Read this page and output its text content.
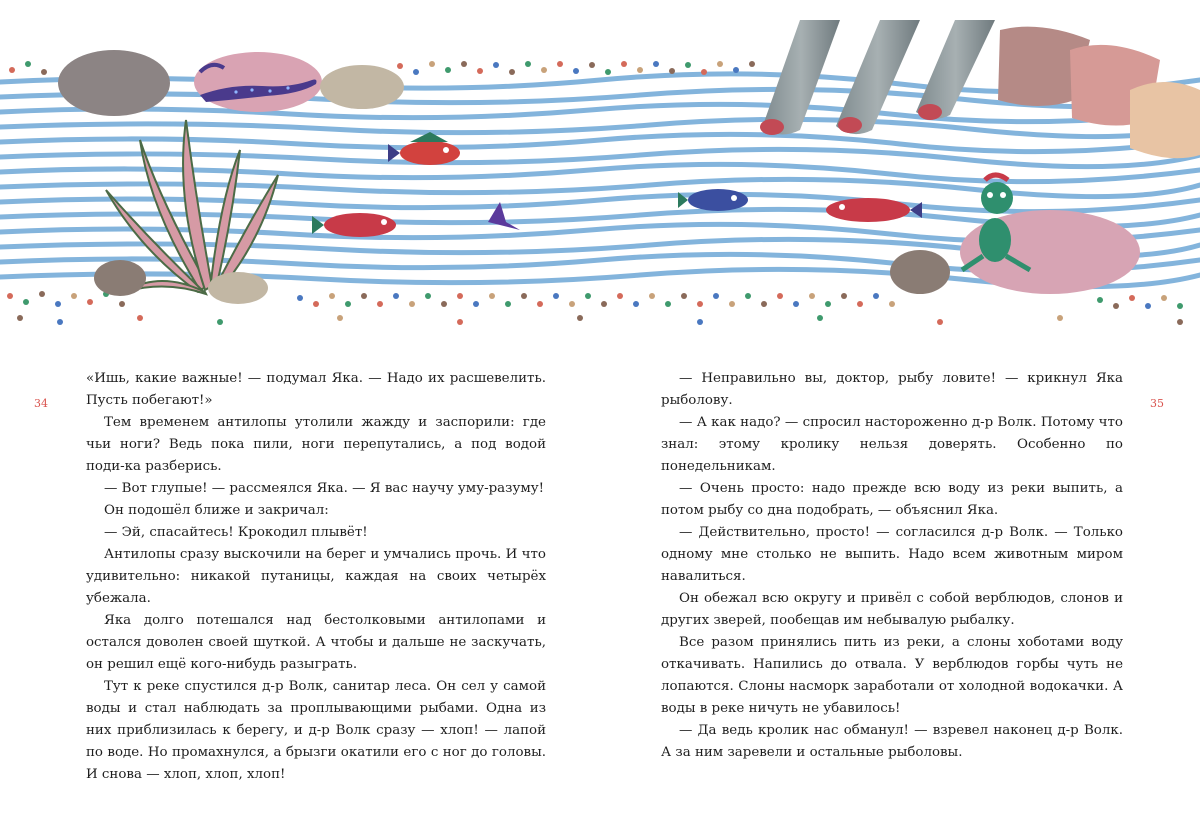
34	35

«Ишь, какие важные! — подумал Яка. — Надо их расшевелить. Пусть побегают!»

Тем временем антилопы утолили жажду и заспорили: где чьи ноги? Ведь пока пили, ноги перепутались, а под водой поди-ка разберись.

— Вот глупые! — рассмеялся Яка. — Я вас научу уму-разуму!

Он подошёл ближе и закричал:

— Эй, спасайтесь! Крокодил плывёт!

Антилопы сразу выскочили на берег и умчались прочь. И что удивительно: никакой путаницы, каждая на своих четырёх убежала.

Яка долго потешался над бестолковыми антилопами и остался доволен своей шуткой. А чтобы и дальше не заскучать, он решил ещё кого-нибудь разыграть.

Тут к реке спустился д-р Волк, санитар леса. Он сел у самой воды и стал наблюдать за проплывающими рыбами. Одна из них приблизилась к берегу, и д-р Волк сразу — хлоп! — лапой по воде. Но промахнулся, а брызги окатили его с ног до головы. И снова — хлоп, хлоп, хлоп!

— Неправильно вы, доктор, рыбу ловите! — крикнул Яка рыболову.

— А как надо? — спросил настороженно д-р Волк. Потому что знал: этому кролику нельзя доверять. Особенно по понедельникам.

— Очень просто: надо прежде всю воду из реки выпить, а потом рыбу со дна подобрать, — объяснил Яка.

— Действительно, просто! — согласился д-р Волк. — Только одному мне столько не выпить. Надо всем животным миром навалиться.

Он обежал всю округу и привёл с собой верблюдов, слонов и других зверей, пообещав им небывалую рыбалку.

Все разом принялись пить из реки, а слоны хоботами воду откачивать. Напились до отвала. У верблюдов горбы чуть не лопаются. Слоны насморк заработали от холодной водокачки. А воды в реке ничуть не убавилось!

— Да ведь кролик нас обманул! — взревел наконец д-р Волк. А за ним заревели и остальные рыболовы.
